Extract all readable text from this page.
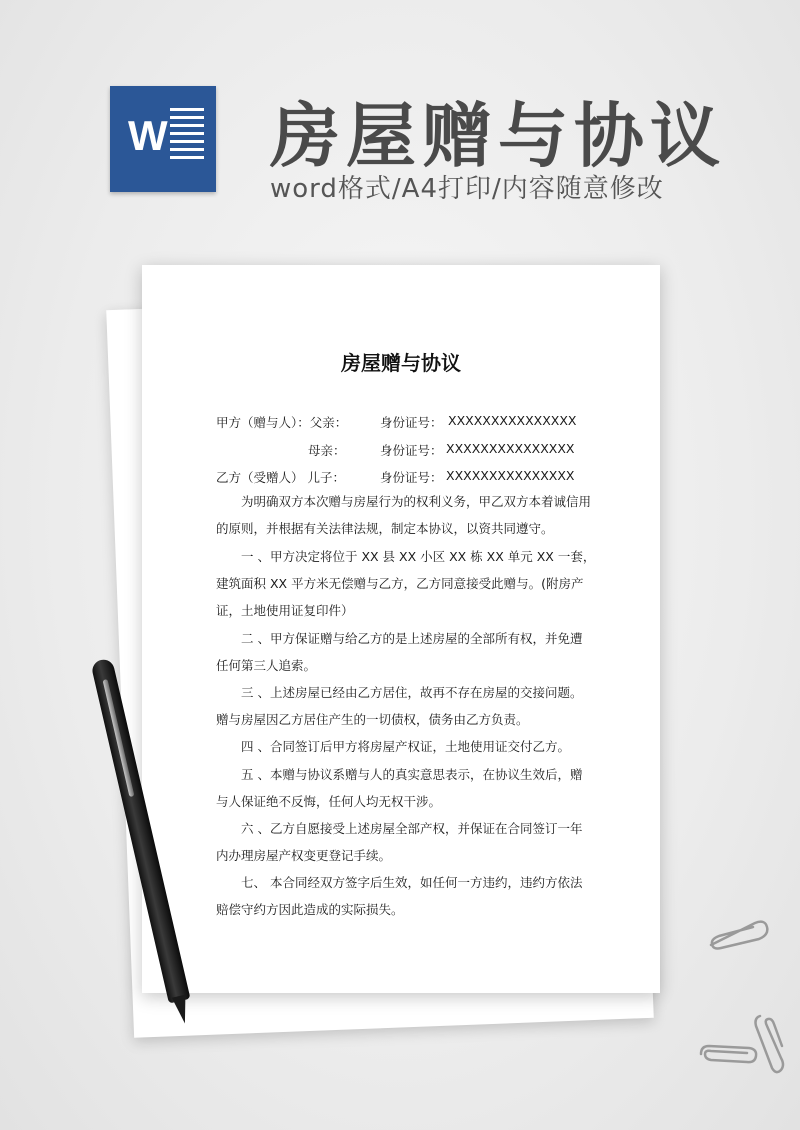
W 房屋赠与协议
word格式/A4打印/内容随意修改
房屋赠与协议
甲方（赠与人）：父亲：	身份证号： XXXXXXXXXXXXXXX
母亲：	身份证号： XXXXXXXXXXXXXXX
乙方（受赠人） 儿子：	身份证号： XXXXXXXXXXXXXXX
　　为明确双方本次赠与房屋行为的权利义务，甲乙双方本着诚信用
的原则，并根据有关法律法规，制定本协议，以资共同遵守。
　　一 、甲方决定将位于 XX 县 XX 小区 XX 栋 XX 单元 XX 一套，
建筑面积 XX 平方米无偿赠与乙方，乙方同意接受此赠与。(附房产
证，土地使用证复印件）
　　二 、甲方保证赠与给乙方的是上述房屋的全部所有权，并免遭
任何第三人追索。
　　三 、上述房屋已经由乙方居住，故再不存在房屋的交接问题。
赠与房屋因乙方居住产生的一切债权，债务由乙方负责。
　　四 、合同签订后甲方将房屋产权证，土地使用证交付乙方。
　　五 、本赠与协议系赠与人的真实意思表示，在协议生效后，赠
与人保证绝不反悔，任何人均无权干涉。
　　六 、乙方自愿接受上述房屋全部产权，并保证在合同签订一年
内办理房屋产权变更登记手续。
　　七、 本合同经双方签字后生效，如任何一方违约，违约方依法
赔偿守约方因此造成的实际损失。
